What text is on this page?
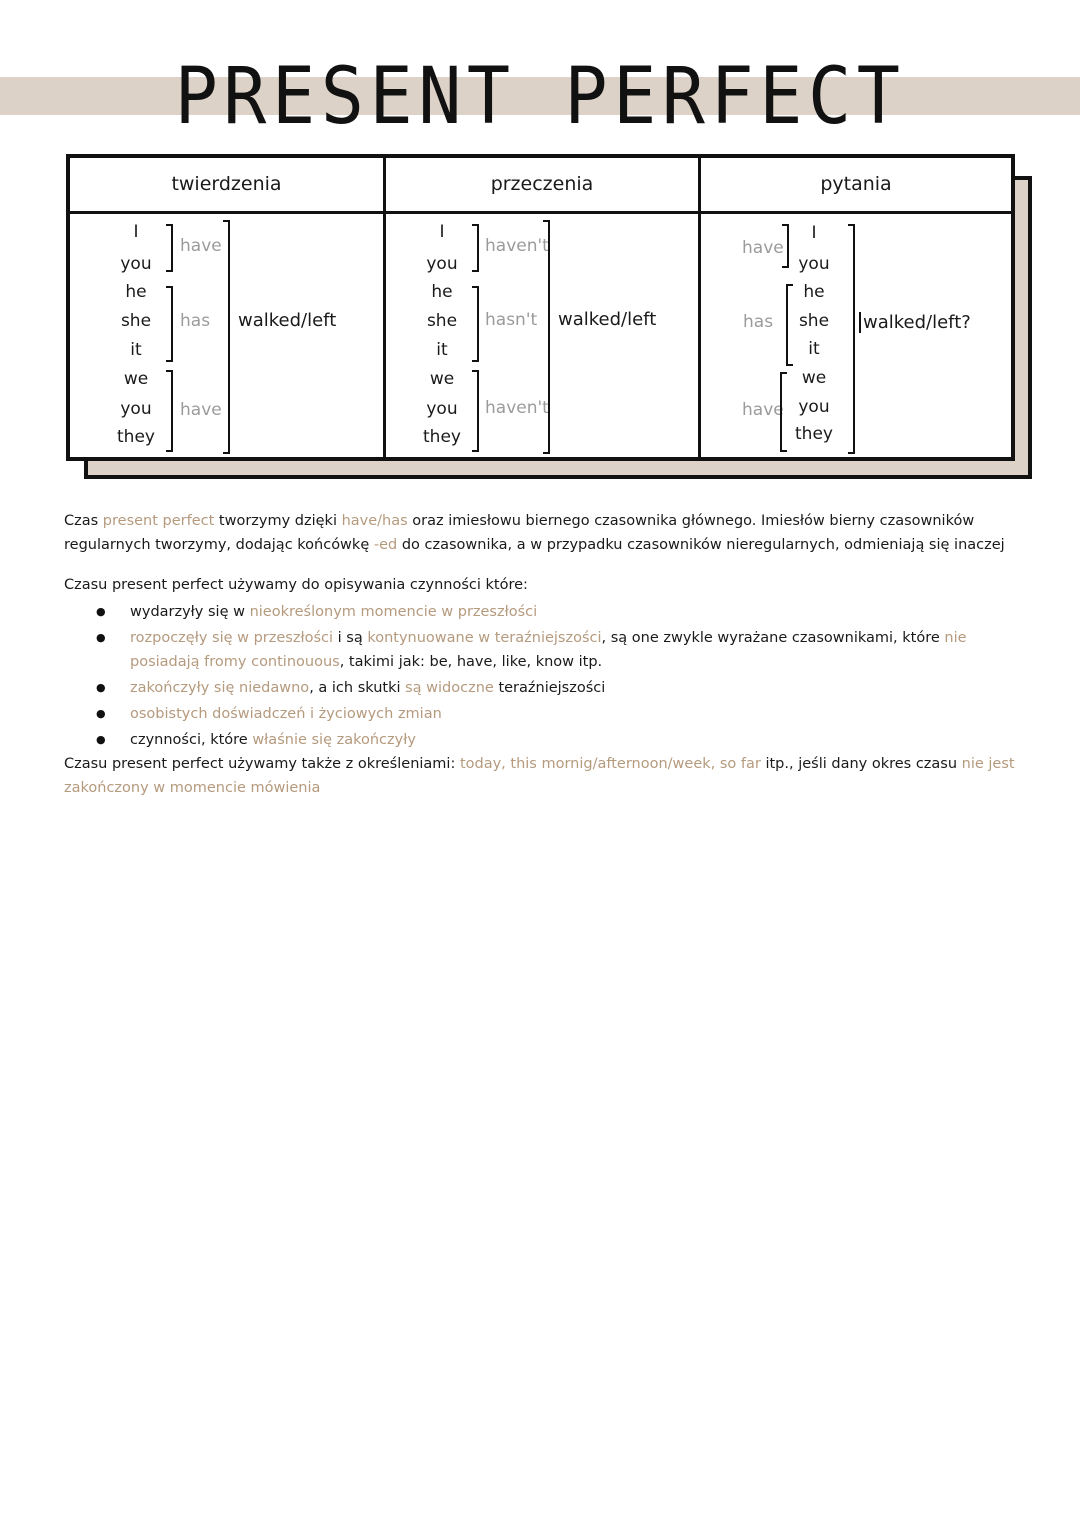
PRESENT PERFECT
twierdzenia	przeczenia	pytania
I
you
he
she
it
we
you
they
have
has
have
walked/left
I
you
he
she
it
we
you
they
haven't
hasn't
haven't
walked/left
have
has
have
I
you
he
she
it
we
you
they
walked/left?
Czas present perfect tworzymy dzięki have/has oraz imiesłowu biernego czasownika głównego. Imiesłów bierny czasowników regularnych tworzymy, dodając końcówkę -ed do czasownika, a w przypadku czasowników nieregularnych, odmieniają się inaczej
Czasu present perfect używamy do opisywania czynności które:
● wydarzyły się w nieokreślonym momencie w przeszłości
● rozpoczęły się w przeszłości i są kontynuowane w teraźniejszości, są one zwykle wyrażane czasownikami, które nie posiadają fromy continouous, takimi jak: be, have, like, know itp.
● zakończyły się niedawno, a ich skutki są widoczne teraźniejszości
● osobistych doświadczeń i życiowych zmian
● czynności, które właśnie się zakończyły
Czasu present perfect używamy także z określeniami: today, this mornig/afternoon/week, so far itp., jeśli dany okres czasu nie jest zakończony w momencie mówienia
